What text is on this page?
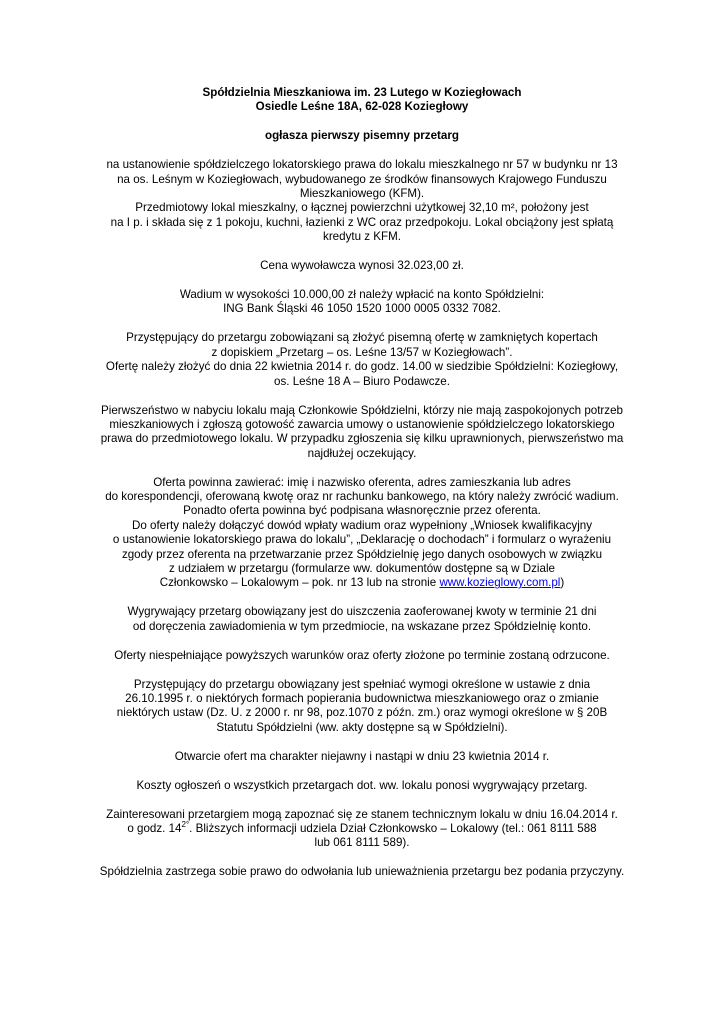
Spółdzielnia Mieszkaniowa im. 23 Lutego w Koziegłowach
Osiedle Leśne 18A, 62-028 Koziegłowy
ogłasza pierwszy pisemny przetarg
na ustanowienie spółdzielczego lokatorskiego prawa do lokalu mieszkalnego nr 57 w budynku nr 13
na os. Leśnym w Koziegłowach, wybudowanego ze środków finansowych Krajowego Funduszu
Mieszkaniowego (KFM).
Przedmiotowy lokal mieszkalny, o łącznej powierzchni użytkowej 32,10 m², położony jest
na I p. i składa się z 1 pokoju, kuchni, łazienki z WC oraz przedpokoju. Lokal obciążony jest spłatą
kredytu z KFM.
Cena wywoławcza wynosi 32.023,00 zł.
Wadium w wysokości 10.000,00 zł należy wpłacić na konto Spółdzielni:
ING Bank Śląski 46 1050 1520 1000 0005 0332 7082.
Przystępujący do przetargu zobowiązani są złożyć pisemną ofertę w zamkniętych kopertach
z dopiskiem „Przetarg – os. Leśne 13/57 w Koziegłowach”.
Ofertę należy złożyć do dnia 22 kwietnia 2014 r. do godz. 14.00 w siedzibie Spółdzielni: Koziegłowy,
os. Leśne 18 A – Biuro Podawcze.
Pierwszeństwo w nabyciu lokalu mają Członkowie Spółdzielni, którzy nie mają zaspokojonych potrzeb
mieszkaniowych i zgłoszą gotowość zawarcia umowy o ustanowienie spółdzielczego lokatorskiego
prawa do przedmiotowego lokalu. W przypadku zgłoszenia się kilku uprawnionych, pierwszeństwo ma
najdłużej oczekujący.
Oferta powinna zawierać: imię i nazwisko oferenta, adres zamieszkania lub adres
do korespondencji, oferowaną kwotę oraz nr rachunku bankowego, na który należy zwrócić wadium.
Ponadto oferta powinna być podpisana własnoręcznie przez oferenta.
Do oferty należy dołączyć dowód wpłaty wadium oraz wypełniony „Wniosek kwalifikacyjny
o ustanowienie lokatorskiego prawa do lokalu”, „Deklarację o dochodach” i formularz o wyrażeniu
zgody przez oferenta na przetwarzanie przez Spółdzielnię jego danych osobowych w związku
z udziałem w przetargu (formularze ww. dokumentów dostępne są w Dziale
Członkowsko – Lokalowym – pok. nr 13 lub na stronie www.kozieglowy.com.pl)
Wygrywający przetarg obowiązany jest do uiszczenia zaoferowanej kwoty w terminie 21 dni
od doręczenia zawiadomienia w tym przedmiocie, na wskazane przez Spółdzielnię konto.
Oferty niespełniające powyższych warunków oraz oferty złożone po terminie zostaną odrzucone.
Przystępujący do przetargu obowiązany jest spełniać wymogi określone w ustawie z dnia
26.10.1995 r. o niektórych formach popierania budownictwa mieszkaniowego oraz o zmianie
niektórych ustaw (Dz. U. z 2000 r. nr 98, poz.1070 z późn. zm.) oraz wymogi określone w § 20B
Statutu Spółdzielni (ww. akty dostępne są w Spółdzielni).
Otwarcie ofert ma charakter niejawny i nastąpi w dniu 23 kwietnia 2014 r.
Koszty ogłoszeń o wszystkich przetargach dot. ww. lokalu ponosi wygrywający przetarg.
Zainteresowani przetargiem mogą zapoznać się ze stanem technicznym lokalu w dniu 16.04.2014 r.
o godz. $14^{2^\circ}$. Bliższych informacji udziela Dział Członkowsko – Lokalowy (tel.: 061 8111 588
lub 061 8111 589).
Spółdzielnia zastrzega sobie prawo do odwołania lub unieważnienia przetargu bez podania przyczyny.
